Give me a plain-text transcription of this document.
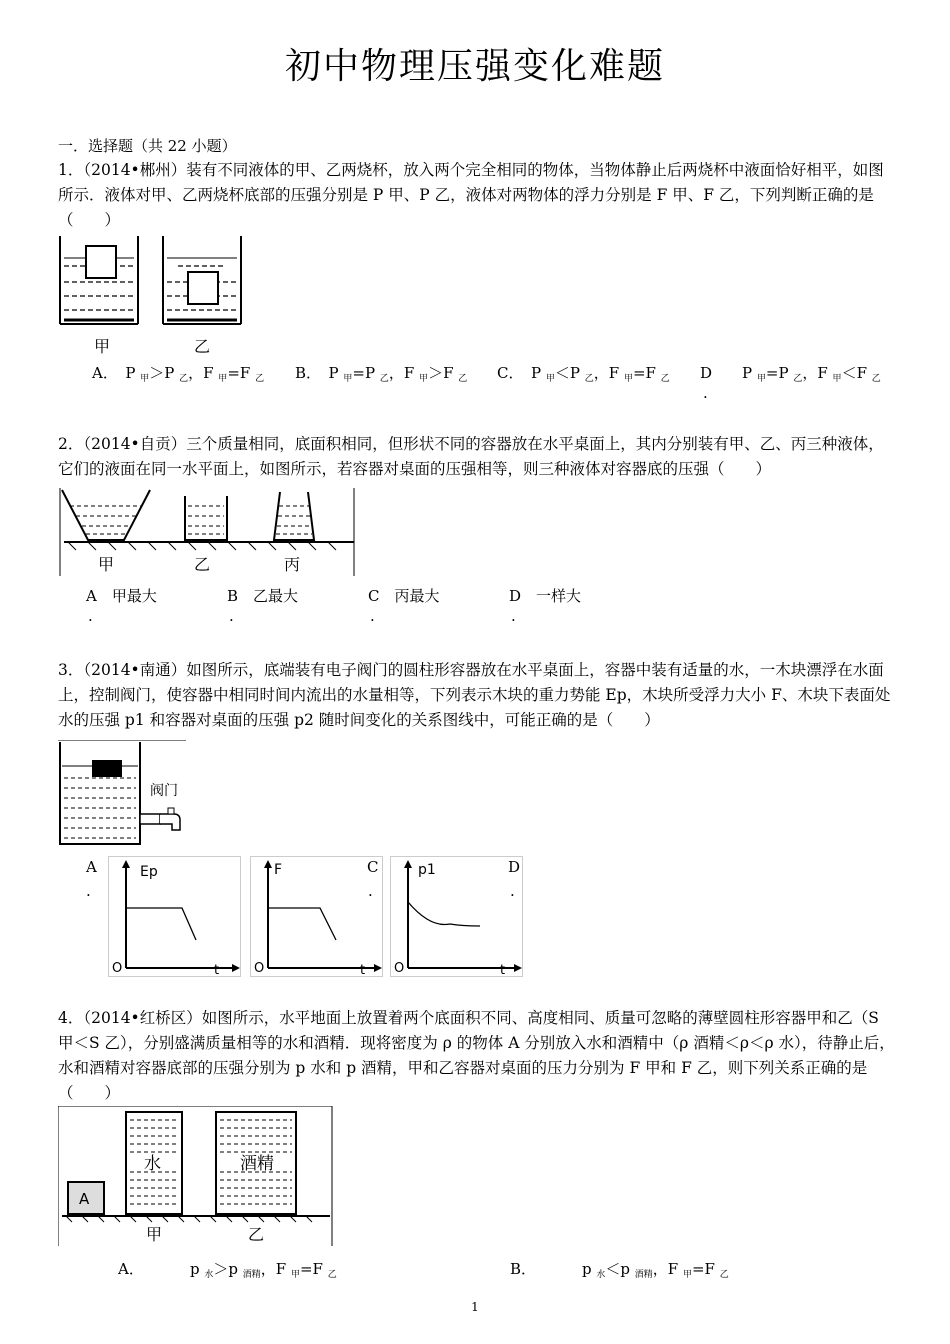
初中物理压强变化难题
一．选择题（共 22 小题）
1．（2014•郴州）装有不同液体的甲、乙两烧杯，放入两个完全相同的物体，当物体静止后两烧杯中液面恰好相平，如图所示．液体对甲、乙两烧杯底部的压强分别是 P 甲、P 乙，液体对两物体的浮力分别是 F 甲、F 乙，下列判断正确的是（　　）
甲	乙
A．　P $_甲$＞P $_乙$，F $_甲$=F $_乙$ B．　P $_甲$=P $_乙$，F $_甲$＞F $_乙$ C．　P $_甲$＜P $_乙$，F $_甲$=F $_乙$ D　　P $_甲$=P $_乙$，F $_甲$＜F $_乙$
.
2．（2014•自贡）三个质量相同，底面积相同，但形状不同的容器放在水平桌面上，其内分别装有甲、乙、丙三种液体，它们的液面在同一水平面上，如图所示，若容器对桌面的压强相等，则三种液体对容器底的压强（　　）
甲	乙	丙
A　甲最大	B　乙最大	C　丙最大	D　一样大
.	.	.	.
3．（2014•南通）如图所示，底端装有电子阀门的圆柱形容器放在水平桌面上，容器中装有适量的水，一木块漂浮在水面上，控制阀门，使容器中相同时间内流出的水量相等，下列表示木块的重力势能 Ep，木块所受浮力大小 F、木块下表面处水的压强 p1 和容器对桌面的压强 p2 随时间变化的关系图线中，可能正确的是（　　）
阀门
A
.
Ep
O	t
F
O	t
C
.
p1
O	t
D
.
4．（2014•红桥区）如图所示，水平地面上放置着两个底面积不同、高度相同、质量可忽略的薄壁圆柱形容器甲和乙（S 甲＜S 乙），分别盛满质量相等的水和酒精．现将密度为 ρ 的物体 A 分别放入水和酒精中（ρ 酒精＜ρ＜ρ 水），待静止后，水和酒精对容器底部的压强分别为 p 水和 p 酒精，甲和乙容器对桌面的压力分别为 F 甲和 F 乙，则下列关系正确的是（　　）
A
水	酒精
甲	乙
A．	p $_水$＞p $_{酒精}$，F $_甲$=F $_乙$	B．	p $_水$＜p $_{酒精}$，F $_甲$=F $_乙$
1
